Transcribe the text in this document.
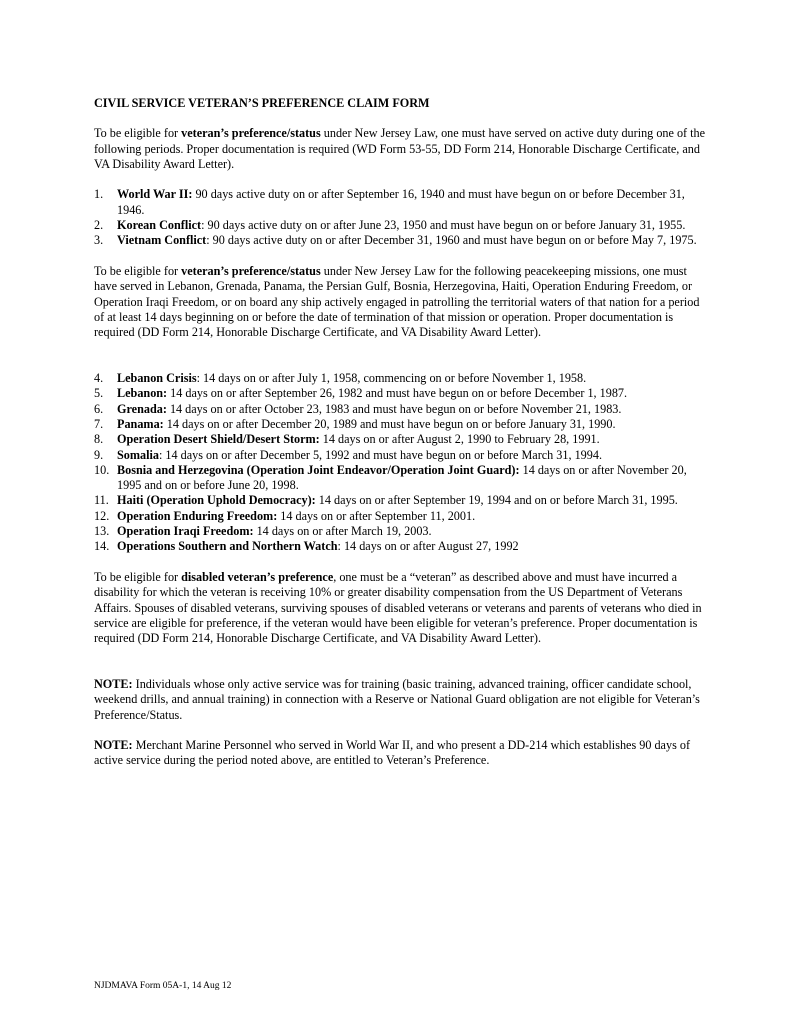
CIVIL SERVICE VETERAN’S PREFERENCE CLAIM FORM

To be eligible for veteran’s preference/status under New Jersey Law, one must have served on active duty during one of the following periods. Proper documentation is required (WD Form 53-55, DD Form 214, Honorable Discharge Certificate, and VA Disability Award Letter).

1. World War II: 90 days active duty on or after September 16, 1940 and must have begun on or before December 31, 1946.
2. Korean Conflict: 90 days active duty on or after June 23, 1950 and must have begun on or before January 31, 1955.
3. Vietnam Conflict: 90 days active duty on or after December 31, 1960 and must have begun on or before May 7, 1975.

To be eligible for veteran’s preference/status under New Jersey Law for the following peacekeeping missions, one must have served in Lebanon, Grenada, Panama, the Persian Gulf, Bosnia, Herzegovina, Haiti, Operation Enduring Freedom, or Operation Iraqi Freedom, or on board any ship actively engaged in patrolling the territorial waters of that nation for a period of at least 14 days beginning on or before the date of termination of that mission or operation. Proper documentation is required (DD Form 214, Honorable Discharge Certificate, and VA Disability Award Letter).

4. Lebanon Crisis: 14 days on or after July 1, 1958, commencing on or before November 1, 1958.
5. Lebanon: 14 days on or after September 26, 1982 and must have begun on or before December 1, 1987.
6. Grenada: 14 days on or after October 23, 1983 and must have begun on or before November 21, 1983.
7. Panama: 14 days on or after December 20, 1989 and must have begun on or before January 31, 1990.
8. Operation Desert Shield/Desert Storm: 14 days on or after August 2, 1990 to February 28, 1991.
9. Somalia: 14 days on or after December 5, 1992 and must have begun on or before March 31, 1994.
10. Bosnia and Herzegovina (Operation Joint Endeavor/Operation Joint Guard): 14 days on or after November 20, 1995 and on or before June 20, 1998.
11. Haiti (Operation Uphold Democracy): 14 days on or after September 19, 1994 and on or before March 31, 1995.
12. Operation Enduring Freedom: 14 days on or after September 11, 2001.
13. Operation Iraqi Freedom: 14 days on or after March 19, 2003.
14. Operations Southern and Northern Watch: 14 days on or after August 27, 1992

To be eligible for disabled veteran’s preference, one must be a “veteran” as described above and must have incurred a disability for which the veteran is receiving 10% or greater disability compensation from the US Department of Veterans Affairs. Spouses of disabled veterans, surviving spouses of disabled veterans or veterans and parents of veterans who died in service are eligible for preference, if the veteran would have been eligible for veteran’s preference. Proper documentation is required (DD Form 214, Honorable Discharge Certificate, and VA Disability Award Letter).

NOTE: Individuals whose only active service was for training (basic training, advanced training, officer candidate school, weekend drills, and annual training) in connection with a Reserve or National Guard obligation are not eligible for Veteran’s Preference/Status.

NOTE: Merchant Marine Personnel who served in World War II, and who present a DD-214 which establishes 90 days of active service during the period noted above, are entitled to Veteran’s Preference.

NJDMAVA Form 05A-1, 14 Aug 12
